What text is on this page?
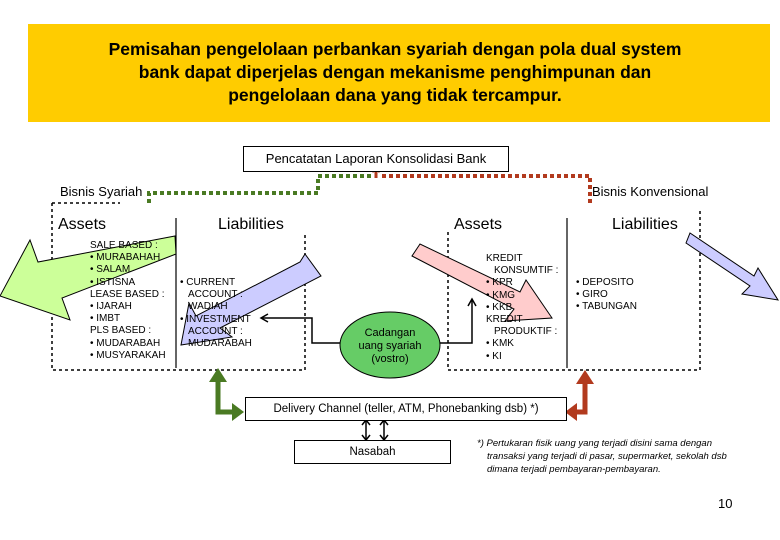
Pemisahan pengelolaan perbankan syariah dengan pola dual system
bank dapat diperjelas dengan mekanisme penghimpunan dan
pengelolaan dana yang tidak tercampur.
Pencatatan Laporan Konsolidasi Bank
Bisnis Syariah	Bisnis Konvensional
Assets	Liabilities	Assets	Liabilities
SALE BASED :
• MURABAHAH
• SALAM
• ISTISNA
LEASE BASED :
• IJARAH
• IMBT
PLS BASED :
• MUDARABAH
• MUSYARAKAH
• CURRENT
ACCOUNT :
WADIAH
• INVESTMENT
ACCOUNT :
MUDARABAH
KREDIT
KONSUMTIF :
• KPR
• KMG
• KKB
KREDIT
PRODUKTIF :
• KMK
• KI
• DEPOSITO
• GIRO
• TABUNGAN
Cadangan
uang syariah
(vostro)
Delivery Channel (teller, ATM, Phonebanking dsb) *)
Nasabah
*) Pertukaran fisik uang yang terjadi disini sama dengan
transaksi yang terjadi di pasar, supermarket, sekolah dsb
dimana terjadi pembayaran-pembayaran.
10
